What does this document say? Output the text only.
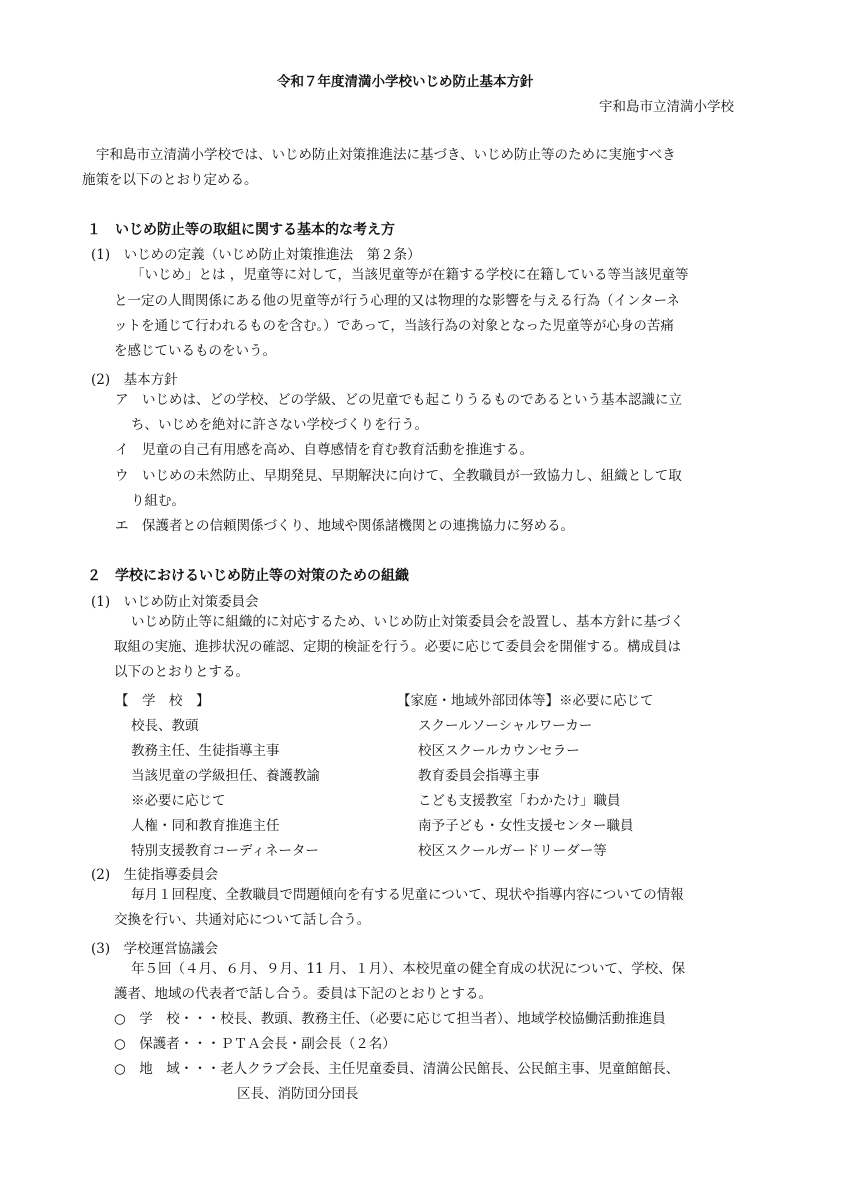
令和７年度清満小学校いじめ防止基本方針
宇和島市立清満小学校
宇和島市立清満小学校では、いじめ防止対策推進法に基づき、いじめ防止等のために実施すべき
施策を以下のとおり定める。
１　いじめ防止等の取組に関する基本的な考え方
(1)　いじめの定義（いじめ防止対策推進法　第２条）
「いじめ」とは ，児童等に対して，当該児童等が在籍する学校に在籍している等当該児童等
と一定の人間関係にある他の児童等が行う心理的又は物理的な影響を与える行為（インターネ
ットを通じて行われるものを含む。）であって，当該行為の対象となった児童等が心身の苦痛
を感じているものをいう。
(2)　基本方針
ア　いじめは、どの学校、どの学級、どの児童でも起こりうるものであるという基本認識に立
ち、いじめを絶対に許さない学校づくりを行う。
イ　児童の自己有用感を高め、自尊感情を育む教育活動を推進する。
ウ　いじめの未然防止、早期発見、早期解決に向けて、全教職員が一致協力し、組織として取
り組む。
エ　保護者との信頼関係づくり、地域や関係諸機関との連携協力に努める。
２　学校におけるいじめ防止等の対策のための組織
(1)　いじめ防止対策委員会
いじめ防止等に組織的に対応するため、いじめ防止対策委員会を設置し、基本方針に基づく
取組の実施、進捗状況の確認、定期的検証を行う。必要に応じて委員会を開催する。構成員は
以下のとおりとする。
【　学　校　】
校長、教頭
教務主任、生徒指導主事
当該児童の学級担任、養護教諭
※必要に応じて
人権・同和教育推進主任
特別支援教育コーディネーター
【家庭・地域外部団体等】※必要に応じて
スクールソーシャルワーカー
校区スクールカウンセラー
教育委員会指導主事
こども支援教室「わかたけ」職員
南予子ども・女性支援センター職員
校区スクールガードリーダー等
(2)　生徒指導委員会
毎月１回程度、全教職員で問題傾向を有する児童について、現状や指導内容についての情報
交換を行い、共通対応について話し合う。
(3)　学校運営協議会
年５回（４月、６月、９月、11 月、１月）、本校児童の健全育成の状況について、学校、保
護者、地域の代表者で話し合う。委員は下記のとおりとする。
○　学　校・・・校長、教頭、教務主任、（必要に応じて担当者）、地域学校協働活動推進員
○　保護者・・・ＰＴＡ会長・副会長（２名）
○　地　域・・・老人クラブ会長、主任児童委員、清満公民館長、公民館主事、児童館館長、
区長、消防団分団長
